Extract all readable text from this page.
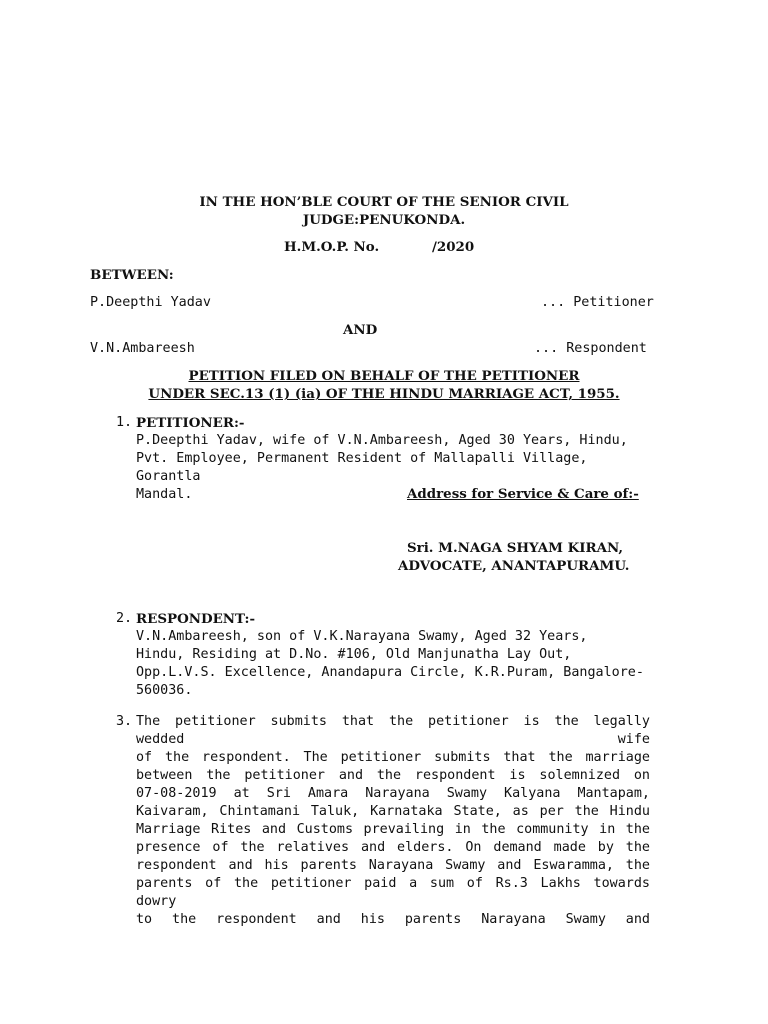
IN THE HON’BLE COURT OF THE SENIOR CIVIL
JUDGE:PENUKONDA.
H.M.O.P. No.	/2020
BETWEEN:
P.Deepthi Yadav	... Petitioner
AND
V.N.Ambareesh	... Respondent
PETITION FILED ON BEHALF OF THE PETITIONER
UNDER SEC.13 (1) (ia) OF THE HINDU MARRIAGE ACT, 1955.
1. PETITIONER:-

P.Deepthi Yadav, wife of V.N.Ambareesh, Aged 30 Years, Hindu,

Pvt. Employee, Permanent Resident of Mallapalli Village, Gorantla

Mandal.	Address for Service & Care of:-
Sri. M.NAGA SHYAM KIRAN,
ADVOCATE, ANANTAPURAMU.
2. RESPONDENT:-

V.N.Ambareesh, son of V.K.Narayana Swamy, Aged 32 Years,

Hindu, Residing at D.No. #106, Old Manjunatha Lay Out,

Opp.L.V.S. Excellence, Anandapura Circle, K.R.Puram, Bangalore-

560036.

3. The petitioner submits that the petitioner is the legally wedded wife

of the respondent. The petitioner submits that the marriage

between the petitioner and the respondent is solemnized on

07-08-2019 at Sri Amara Narayana Swamy Kalyana Mantapam,

Kaivaram, Chintamani Taluk, Karnataka State, as per the Hindu

Marriage Rites and Customs prevailing in the community in the

presence of the relatives and elders. On demand made by the

respondent and his parents Narayana Swamy and Eswaramma, the

parents of the petitioner paid a sum of Rs.3 Lakhs towards dowry

to the respondent and his parents Narayana Swamy and
